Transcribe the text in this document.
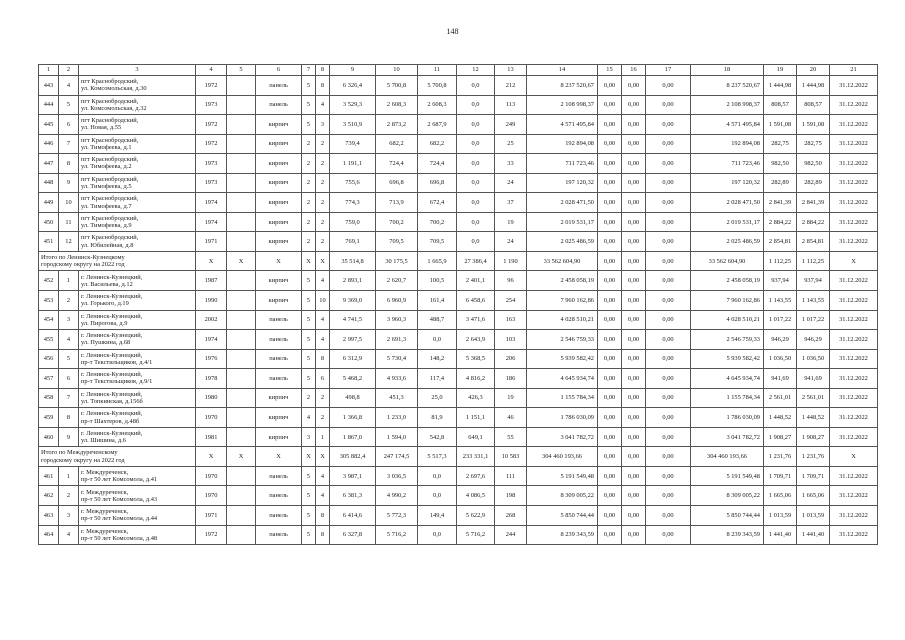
148
1	2	3	4	5	6	7	8	9	10	11	12	13	14	15	16	17	18	19	20	21
443	4	пгт Краснобродский,
ул. Комсомольская, д.30	1972		панель	5	8	6 326,4	5 700,8	5 700,8	0,0	212	8 237 520,67	0,00	0,00	0,00	8 237 520,67	1 444,98	1 444,98	31.12.2022
444	5	пгт Краснобродский,
ул. Комсомольская, д.32	1973		панель	5	4	3 529,3	2 608,3	2 608,3	0,0	113	2 108 998,37	0,00	0,00	0,00	2 108 998,37	808,57	808,57	31.12.2022
445	6	пгт Краснобродский,
ул. Новая, д.55	1972		кирпич	5	3	3 510,9	2 873,2	2 687,9	0,0	249	4 571 495,84	0,00	0,00	0,00	4 571 495,84	1 591,08	1 591,08	31.12.2022
446	7	пгт Краснобродский,
ул. Тимофеева, д.1	1972		кирпич	2	2	739,4	682,2	682,2	0,0	25	192 894,08	0,00	0,00	0,00	192 894,08	282,75	282,75	31.12.2022
447	8	пгт Краснобродский,
ул. Тимофеева, д.2	1973		кирпич	2	2	1 191,1	724,4	724,4	0,0	33	711 723,46	0,00	0,00	0,00	711 723,46	982,50	982,50	31.12.2022
448	9	пгт Краснобродский,
ул. Тимофеева, д.5	1973		кирпич	2	2	755,6	696,8	696,8	0,0	24	197 120,32	0,00	0,00	0,00	197 120,32	282,89	282,89	31.12.2022
449	10	пгт Краснобродский,
ул. Тимофеева, д.7	1974		кирпич	2	2	774,3	713,9	672,4	0,0	37	2 028 471,50	0,00	0,00	0,00	2 028 471,50	2 841,39	2 841,39	31.12.2022
450	11	пгт Краснобродский,
ул. Тимофеева, д.9	1974		кирпич	2	2	759,0	700,2	700,2	0,0	19	2 019 531,17	0,00	0,00	0,00	2 019 531,17	2 884,22	2 884,22	31.12.2022
451	12	пгт Краснобродский,
ул. Юбилейная, д.8	1971		кирпич	2	2	769,1	709,5	709,5	0,0	24	2 025 486,59	0,00	0,00	0,00	2 025 486,59	2 854,81	2 854,81	31.12.2022
Итого по Ленинск-Кузнецкому
городскому округу на 2022 год			Х	Х	Х	Х	Х	35 514,8	30 175,5	1 665,9	27 386,4	1 190	33 562 604,90	0,00	0,00	0,00	33 562 604,90	1 112,25	1 112,25	Х
452	1	г. Ленинск-Кузнецкий,
ул. Васильева, д.12	1987		кирпич	5	4	2 893,1	2 620,7	100,5	2 401,1	96	2 458 058,19	0,00	0,00	0,00	2 458 058,19	937,94	937,94	31.12.2022
453	2	г. Ленинск-Кузнецкий,
ул. Горького, д.19	1990		кирпич	5	10	9 369,0	6 960,9	161,4	6 458,6	254	7 960 162,86	0,00	0,00	0,00	7 960 162,86	1 143,55	1 143,55	31.12.2022
454	3	г. Ленинск-Кузнецкий,
ул. Пирогова, д.9	2002		панель	5	4	4 741,5	3 960,3	488,7	3 471,6	163	4 028 510,21	0,00	0,00	0,00	4 028 510,21	1 017,22	1 017,22	31.12.2022
455	4	г. Ленинск-Кузнецкий,
ул. Пушкина, д.68	1974		панель	5	4	2 997,5	2 691,3	0,0	2 643,9	103	2 546 759,33	0,00	0,00	0,00	2 546 759,33	946,29	946,29	31.12.2022
456	5	г. Ленинск-Кузнецкий,
пр-т Текстильщиков, д.4/1	1976		панель	5	8	6 312,9	5 730,4	148,2	5 368,5	206	5 939 582,42	0,00	0,00	0,00	5 939 582,42	1 036,50	1 036,50	31.12.2022
457	6	г. Ленинск-Кузнецкий,
пр-т Текстильщиков, д.9/1	1978		панель	5	6	5 468,2	4 933,6	117,4	4 816,2	186	4 645 934,74	0,00	0,00	0,00	4 645 934,74	941,69	941,69	31.12.2022
458	7	г. Ленинск-Кузнецкий,
ул. Топкинская, д.156б	1980		кирпич	2	2	498,8	451,3	25,0	426,3	19	1 155 784,34	0,00	0,00	0,00	1 155 784,34	2 561,01	2 561,01	31.12.2022
459	8	г. Ленинск-Кузнецкий,
пр-т Шахтеров, д.48б	1970		кирпич	4	2	1 366,8	1 233,0	81,9	1 151,1	46	1 786 030,09	0,00	0,00	0,00	1 786 030,09	1 448,52	1 448,52	31.12.2022
460	9	г. Ленинск-Кузнецкий,
ул. Шишина, д.6	1981		кирпич	3	1	1 867,0	1 594,0	542,8	649,1	55	3 041 782,72	0,00	0,00	0,00	3 041 782,72	1 908,27	1 908,27	31.12.2022
Итого по Междуреченскому
городскому округу на 2022 год			Х	Х	Х	Х	Х	305 882,4	247 174,5	5 517,3	233 331,1	10 583	304 460 193,66	0,00	0,00	0,00	304 460 193,66	1 231,76	1 231,76	Х
461	1	г. Междуреченск,
пр-т 50 лет Комсомола, д.41	1970		панель	5	4	3 987,1	3 036,5	0,0	2 697,6	111	5 191 549,48	0,00	0,00	0,00	5 191 549,48	1 709,71	1 709,71	31.12.2022
462	2	г. Междуреченск,
пр-т 50 лет Комсомола, д.43	1970		панель	5	4	6 381,3	4 990,2	0,0	4 086,5	198	8 309 005,22	0,00	0,00	0,00	8 309 005,22	1 665,06	1 665,06	31.12.2022
463	3	г. Междуреченск,
пр-т 50 лет Комсомола, д.44	1971		панель	5	8	6 414,6	5 772,3	149,4	5 622,9	268	5 850 744,44	0,00	0,00	0,00	5 850 744,44	1 013,59	1 013,59	31.12.2022
464	4	г. Междуреченск,
пр-т 50 лет Комсомола, д.48	1972		панель	5	8	6 327,8	5 716,2	0,0	5 716,2	244	8 239 343,59	0,00	0,00	0,00	8 239 343,59	1 441,40	1 441,40	31.12.2022
